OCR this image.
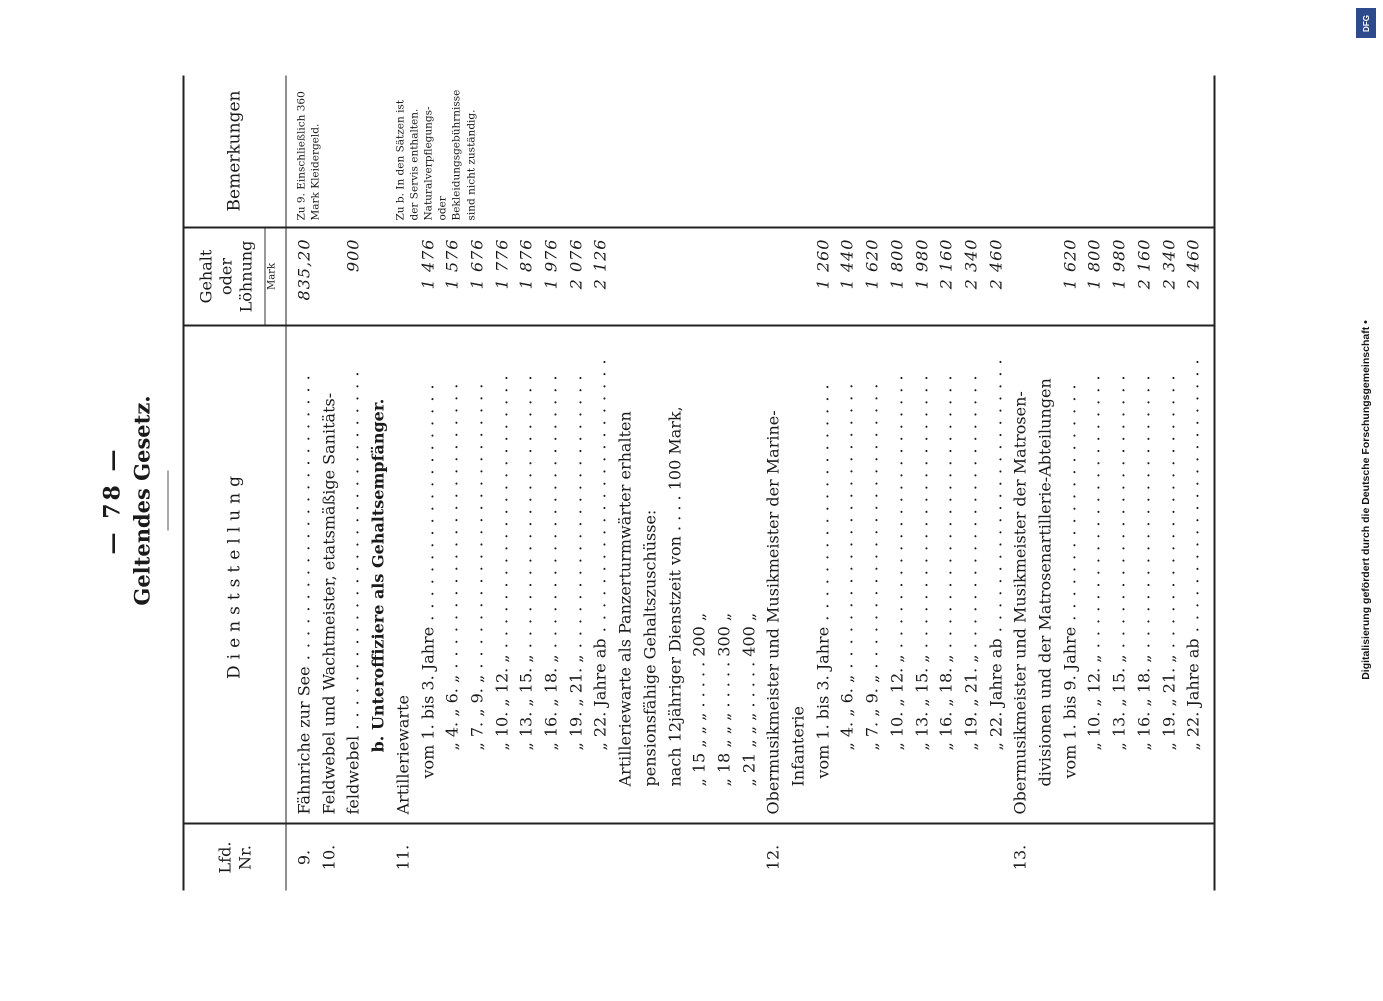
— 78 — Geltendes Gesetz.
Lfd. Nr.
Dienststellung
Gehalt oder Löhnung Mark
Bemerkungen
9.
Fähnriche zur See . . . . . . . . . . . . . . . . . . . . . . . .
835,20
10.
Feldwebel und Wachtmeister, etatsmäßige Sanitäts- feldwebel . . . . . . . . . . . . . . . . . . . . . . . . . . . . . .
900
b. Unteroffiziere als Gehaltsempfänger.
11.
Artilleriewarte vom 1. bis 3. Jahre . . . . . . . . . . . . . . . . . . . .
1 476
„ 4. „ 6. „ . . . . . . . . . . . . . . . . . . . . . . . .
1 576
„ 7. „ 9. „ . . . . . . . . . . . . . . . . . . . . . . . .
1 676
„ 10. „ 12. „ . . . . . . . . . . . . . . . . . . . . . . .
1 776
„ 13. „ 15. „ . . . . . . . . . . . . . . . . . . . . . . .
1 876
„ 16. „ 18. „ . . . . . . . . . . . . . . . . . . . . . . .
1 976
„ 19. „ 21. „ . . . . . . . . . . . . . . . . . . . . . . .
2 076
„ 22. Jahre ab . . . . . . . . . . . . . . . . . . . . . . .
2 126
Artilleriewarte als Panzerturmwärter erhalten pensionsfähige Gehaltszuschüsse: nach 12jähriger Dienstzeit von . . . . 100 Mark, „ 15 „ „ „ . . . . . 200 „ „ 18 „ „ „ . . . . . 300 „ „ 21 „ „ „ . . . . . 400 „
12.
Obermusikmeister und Musikmeister der Marine- Infanterie vom 1. bis 3. Jahre . . . . . . . . . . . . . . . . . . . .
1 260
„ 4. „ 6. „ . . . . . . . . . . . . . . . . . . . . . . . .
1 440
„ 7. „ 9. „ . . . . . . . . . . . . . . . . . . . . . . . .
1 620
„ 10. „ 12. „ . . . . . . . . . . . . . . . . . . . . . . .
1 800
„ 13. „ 15. „ . . . . . . . . . . . . . . . . . . . . . . .
1 980
„ 16. „ 18. „ . . . . . . . . . . . . . . . . . . . . . . .
2 160
„ 19. „ 21. „ . . . . . . . . . . . . . . . . . . . . . . .
2 340
„ 22. Jahre ab . . . . . . . . . . . . . . . . . . . . . . .
2 460
13.
Obermusikmeister und Musikmeister der Matrosen- divisionen und der Matrosenartillerie-Abteilungen vom 1. bis 9. Jahre . . . . . . . . . . . . . . . . . . . .
1 620
„ 10. „ 12. „ . . . . . . . . . . . . . . . . . . . . . . .
1 800
„ 13. „ 15. „ . . . . . . . . . . . . . . . . . . . . . . .
1 980
„ 16. „ 18. „ . . . . . . . . . . . . . . . . . . . . . . .
2 160
„ 19. „ 21. „ . . . . . . . . . . . . . . . . . . . . . . .
2 340
„ 22. Jahre ab . . . . . . . . . . . . . . . . . . . . . . .
2 460
Zu 9. Einschließlich 360 Mark Kleidergeld.	Zu b. In den Sätzen ist der Servis enthalten. Naturalverpflegungs- oder Bekleidungsgebührnisse sind nicht zuständig.
DFG
Digitalisierung gefördert durch die Deutsche Forschungsgemeinschaft •
